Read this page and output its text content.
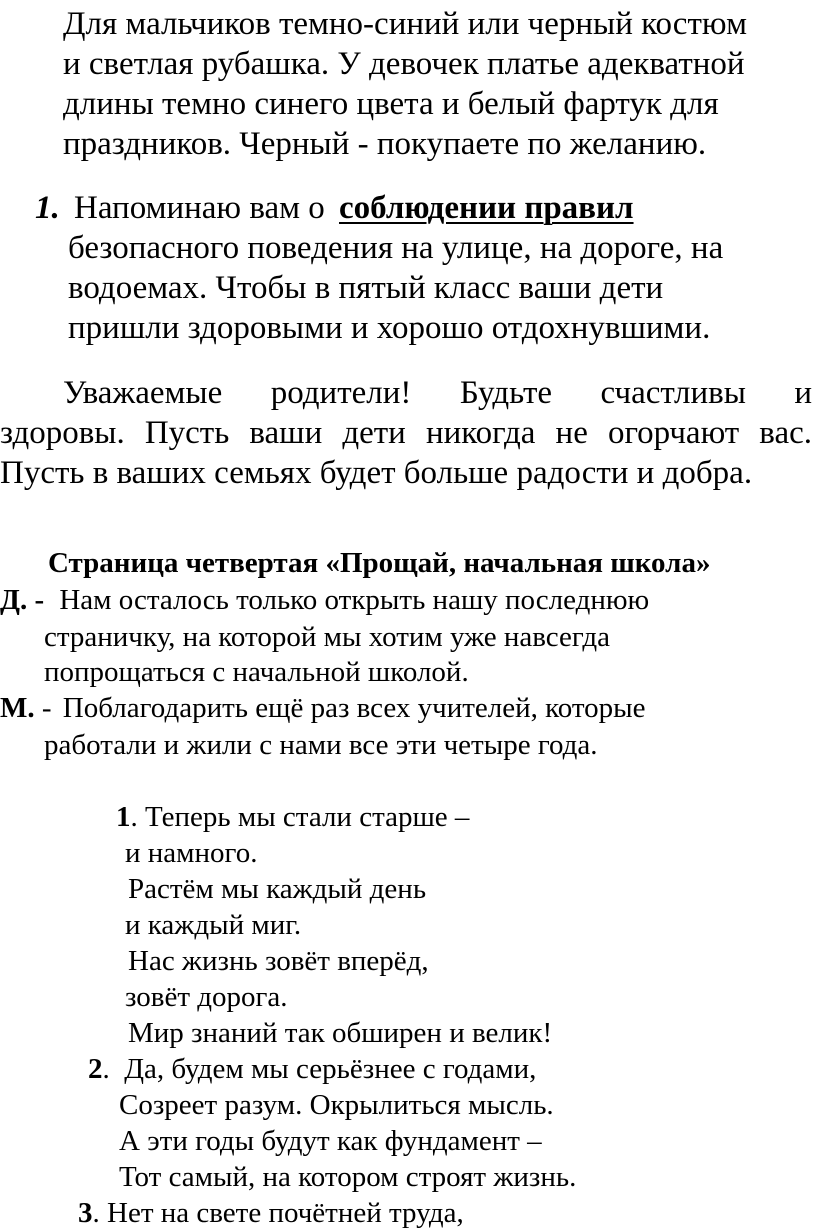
Для мальчиков темно-синий или черный костюм
и светлая рубашка. У девочек платье адекватной
длины темно синего цвета и белый фартук для
праздников. Черный - покупаете по желанию.
1. Напоминаю вам о соблюдении правил
безопасного поведения на улице, на дороге, на
водоемах. Чтобы в пятый класс ваши дети
пришли здоровыми и хорошо отдохнувшими.
Уважаемые родители! Будьте счастливы и
здоровы. Пусть ваши дети никогда не огорчают вас.
Пусть в ваших семьях будет больше радости и добра.
Страница четвертая «Прощай, начальная школа»
Д. - Нам осталось только открыть нашу последнюю
страничку, на которой мы хотим уже навсегда
попрощаться с начальной школой.
М. - Поблагодарить ещё раз всех учителей, которые
работали и жили с нами все эти четыре года.
1. Теперь мы стали старше –
и намного.
Растём мы каждый день
и каждый миг.
Нас жизнь зовёт вперёд,
зовёт дорога.
Мир знаний так обширен и велик!
2.  Да, будем мы серьёзнее с годами,
Созреет разум. Окрылиться мысль.
А эти годы будут как фундамент –
Тот самый, на котором строят жизнь.
3. Нет на свете почётней труда,
